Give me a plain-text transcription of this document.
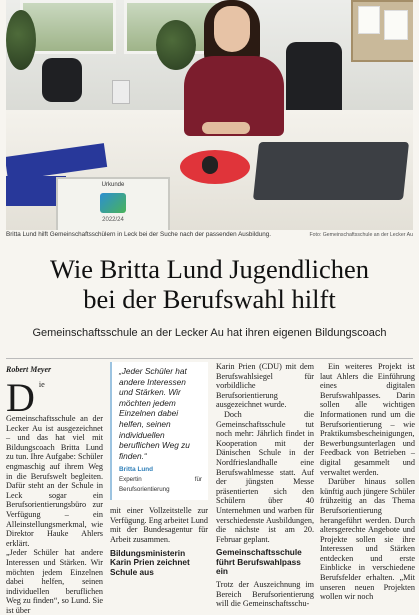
Urkunde
2022/24
Britta Lund hilft Gemeinschaftsschülern in Leck bei der Suche nach der passenden Ausbildung.	Foto: Gemeinschaftsschule an der Lecker Au
Wie Britta Lund Jugendlichen
bei der Berufswahl hilft
Gemeinschaftsschule an der Lecker Au hat ihren eigenen Bildungscoach
Robert Meyer
D ie Gemeinschaftsschule an der Lecker Au ist ausgezeichnet – und das hat viel mit Bildungscoach Britta Lund zu tun. Ihre Aufgabe: Schüler engmaschig auf ihrem Weg in die Berufswelt begleiten. Dafür steht an der Schule in Leck sogar ein Berufsorientierungsbüro zur Verfügung – ein Alleinstellungsmerkmal, wie Direktor Hauke Ahlers erklärt.

„Jeder Schüler hat andere Interessen und Stärken. Wir möchten jedem Einzelnen dabei helfen, seinen individuellen beruflichen Weg zu finden“, so Lund. Sie ist über

„Jeder Schüler hat andere Interessen und Stärken. Wir möchten jedem Einzelnen dabei helfen, seinen individuellen beruflichen Weg zu finden.“
Britta Lund
Expertin für Berufsorientierung

mit einer Vollzeitstelle zur Verfügung. Eng arbeitet Lund mit der Bundesagentur für Arbeit zusammen.

Bildungsministerin Karin Prien zeichnet Schule aus

Karin Prien (CDU) mit dem Berufswahlsiegel für vorbildliche Berufsorientierung ausgezeichnet wurde.

Doch die Gemeinschaftsschule tut noch mehr: Jährlich findet in Kooperation mit der Dänischen Schule in der Nordfrieslandhalle eine Berufswahlmesse statt. Auf der jüngsten Messe präsentierten sich den Schülern über 40 Unternehmen und warben für verschiedenste Ausbildungen, die nächste ist am 20. Februar geplant.

Gemeinschaftsschule führt Berufswahlpass ein

Trotz der Auszeichnung im Bereich Berufsorientierung will die Gemeinschaftsschu-

Ein weiteres Projekt ist laut Ahlers die Einführung eines digitalen Berufswahlpasses. Darin sollen alle wichtigen Informationen rund um die Berufsorientierung – wie Praktikumsbescheinigungen, Bewerbungsunterlagen und Feedback von Betrieben – digital gesammelt und verwaltet werden.

Darüber hinaus sollen künftig auch jüngere Schüler frühzeitig an das Thema Berufsorientierung herangeführt werden. Durch altersgerechte Angebote und Projekte sollen sie ihre Interessen und Stärken entdecken und erste Einblicke in verschiedene Berufsfelder erhalten. „Mit unseren neuen Projekten wollen wir noch
